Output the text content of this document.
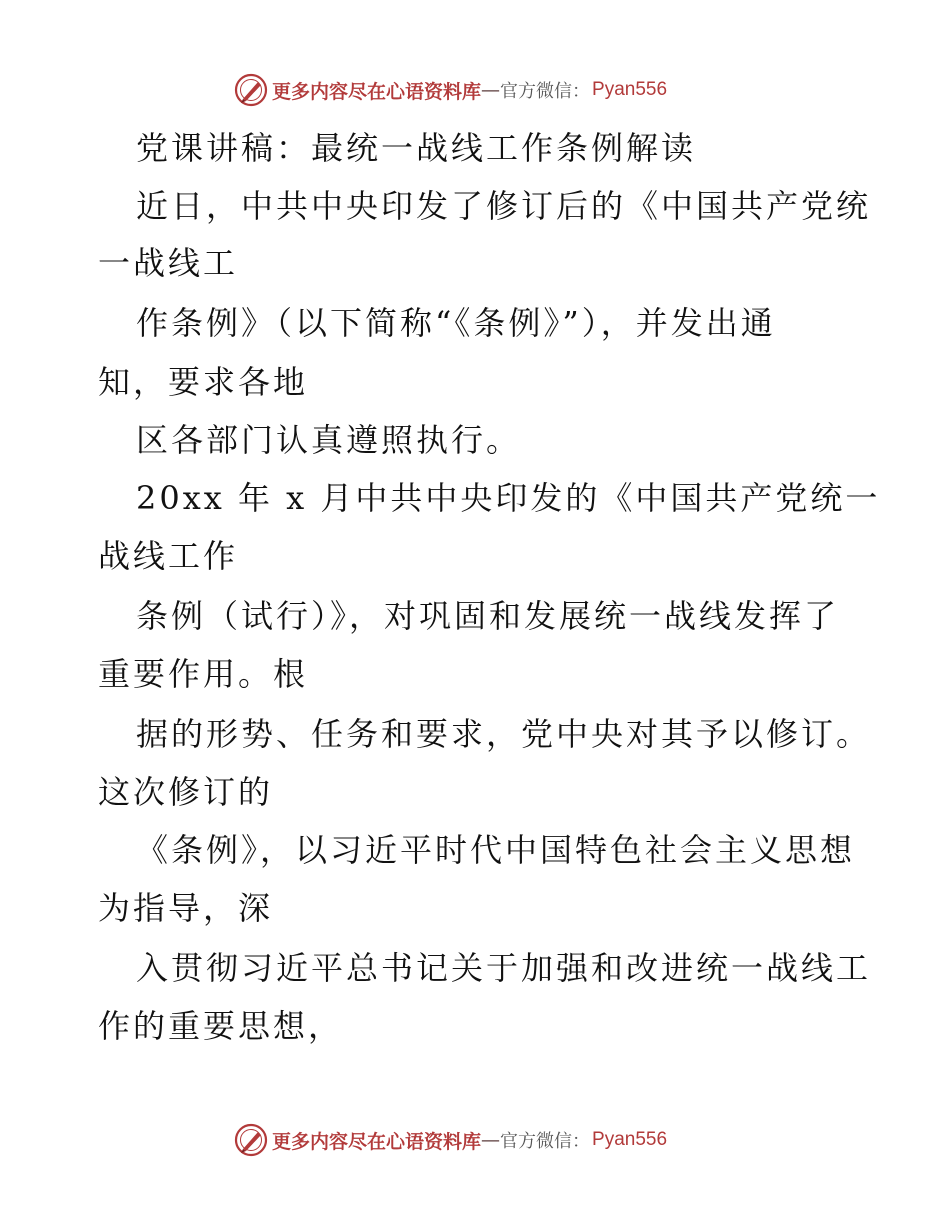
更多内容尽在心语资料库 — 官方微信： Pyan556
党课讲稿：最统一战线工作条例解读
近日，中共中央印发了修订后的《中国共产党统
一战线工
作条例》（以下简称“《条例》”），并发出通
知，要求各地
区各部门认真遵照执行。
20xx 年 x 月中共中央印发的《中国共产党统一
战线工作
条例（试行）》，对巩固和发展统一战线发挥了
重要作用。根
据的形势、任务和要求，党中央对其予以修订。
这次修订的
《条例》，以习近平时代中国特色社会主义思想
为指导，深
入贯彻习近平总书记关于加强和改进统一战线工
作的重要思想，
更多内容尽在心语资料库 — 官方微信： Pyan556
